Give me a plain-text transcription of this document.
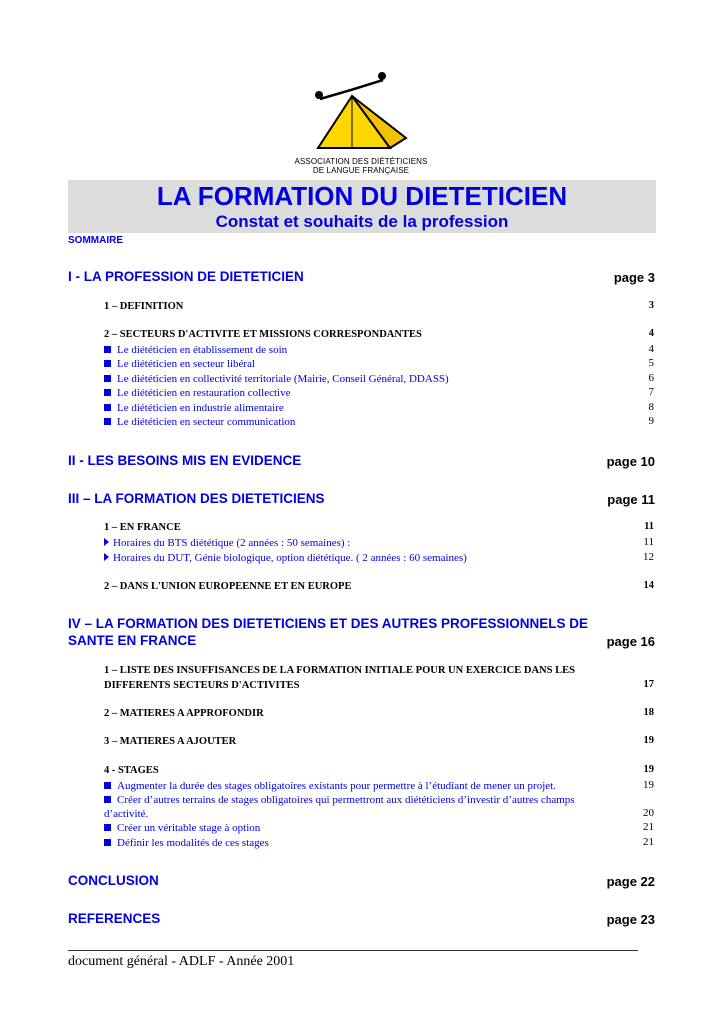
ASSOCIATION DES DIÉTÉTICIENS
DE LANGUE FRANÇAISE
LA FORMATION DU DIETETICIEN
Constat et souhaits de la profession
SOMMAIRE
I - LA PROFESSION DE DIETETICIEN	page 3
1 – DEFINITION	3
2 – SECTEURS D'ACTIVITE ET MISSIONS CORRESPONDANTES	4
Le diététicien en établissement de soin	4
Le diététicien en secteur libéral	5
Le diététicien en collectivité territoriale (Mairie, Conseil Général, DDASS)	6
Le diététicien en restauration collective	7
Le diététicien en industrie alimentaire	8
Le diététicien en secteur communication	9
II - LES BESOINS MIS EN EVIDENCE	page 10
III – LA FORMATION DES DIETETICIENS	page 11
1 – EN FRANCE	11
Horaires du BTS diététique (2 années : 50 semaines) :	11
Horaires du DUT, Génie biologique, option diététique. ( 2 années : 60 semaines)	12
2 – DANS L'UNION EUROPEENNE ET EN EUROPE	14
IV – LA FORMATION DES DIETETICIENS ET DES AUTRES PROFESSIONNELS DE
SANTE EN FRANCE	page 16
1 – LISTE DES INSUFFISANCES DE LA FORMATION INITIALE POUR UN EXERCICE DANS LES
DIFFERENTS SECTEURS D'ACTIVITES	17
2 – MATIERES A APPROFONDIR	18
3 – MATIERES A AJOUTER	19
4 - STAGES	19
Augmenter la durée des stages obligatoires existants pour permettre à l’étudiant de mener un projet.	19
Créer d’autres terrains de stages obligatoires qui permettront aux diététiciens d’investir d’autres champs
d’activité.	20
Créer un véritable stage à option	21
Définir les modalités de ces stages	21
CONCLUSION	page 22
REFERENCES	page 23
document général - ADLF - Année 2001
